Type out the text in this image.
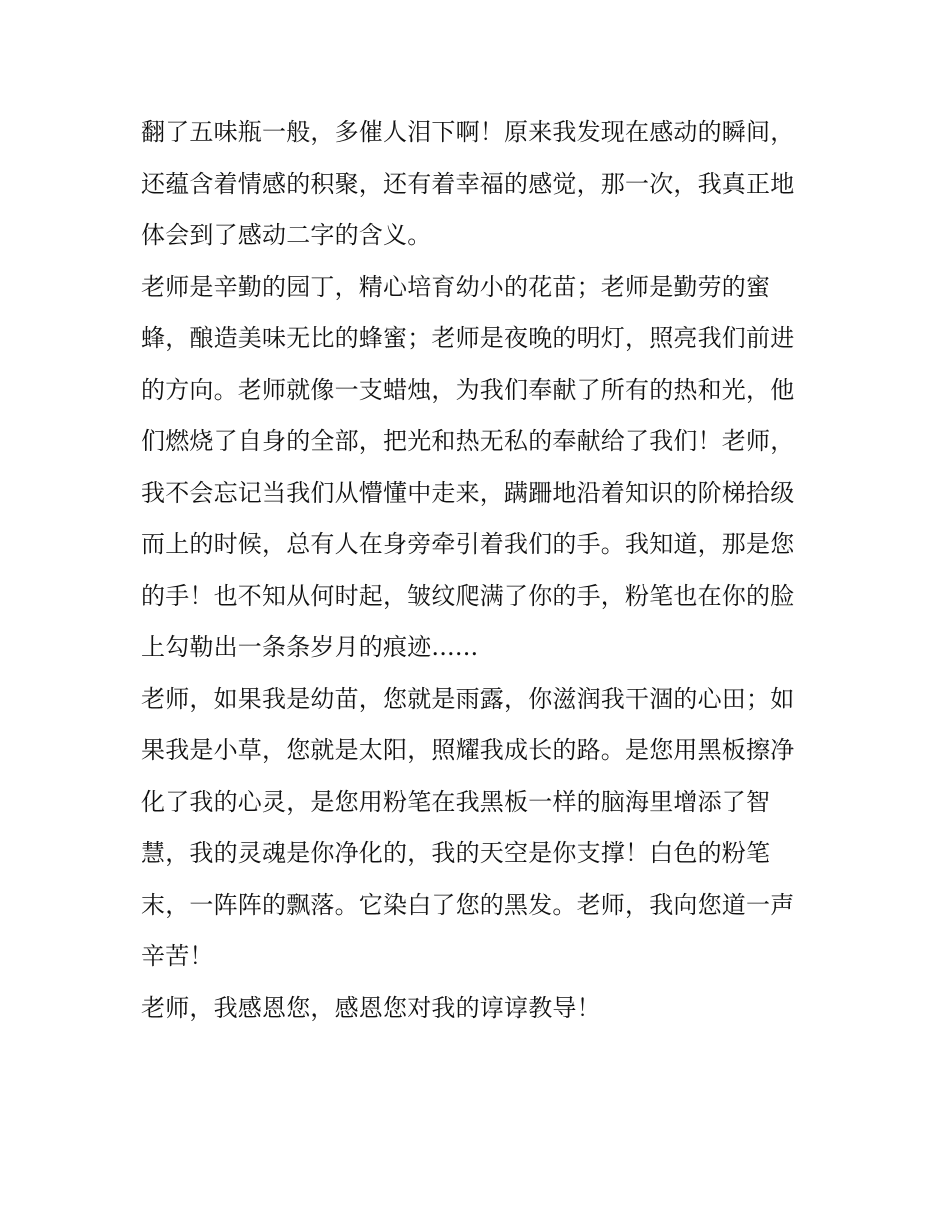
翻了五味瓶一般，多催人泪下啊！原来我发现在感动的瞬间，
还蕴含着情感的积聚，还有着幸福的感觉，那一次，我真正地
体会到了感动二字的含义。
老师是辛勤的园丁，精心培育幼小的花苗；老师是勤劳的蜜
蜂，酿造美味无比的蜂蜜；老师是夜晚的明灯，照亮我们前进
的方向。老师就像一支蜡烛，为我们奉献了所有的热和光，他
们燃烧了自身的全部，把光和热无私的奉献给了我们！老师，
我不会忘记当我们从懵懂中走来，蹒跚地沿着知识的阶梯拾级
而上的时候，总有人在身旁牵引着我们的手。我知道，那是您
的手！也不知从何时起，皱纹爬满了你的手，粉笔也在你的脸
上勾勒出一条条岁月的痕迹......
老师，如果我是幼苗，您就是雨露，你滋润我干涸的心田；如
果我是小草，您就是太阳，照耀我成长的路。是您用黑板擦净
化了我的心灵，是您用粉笔在我黑板一样的脑海里增添了智
慧，我的灵魂是你净化的，我的天空是你支撑！白色的粉笔
末，一阵阵的飘落。它染白了您的黑发。老师，我向您道一声
辛苦！
老师，我感恩您，感恩您对我的谆谆教导！
